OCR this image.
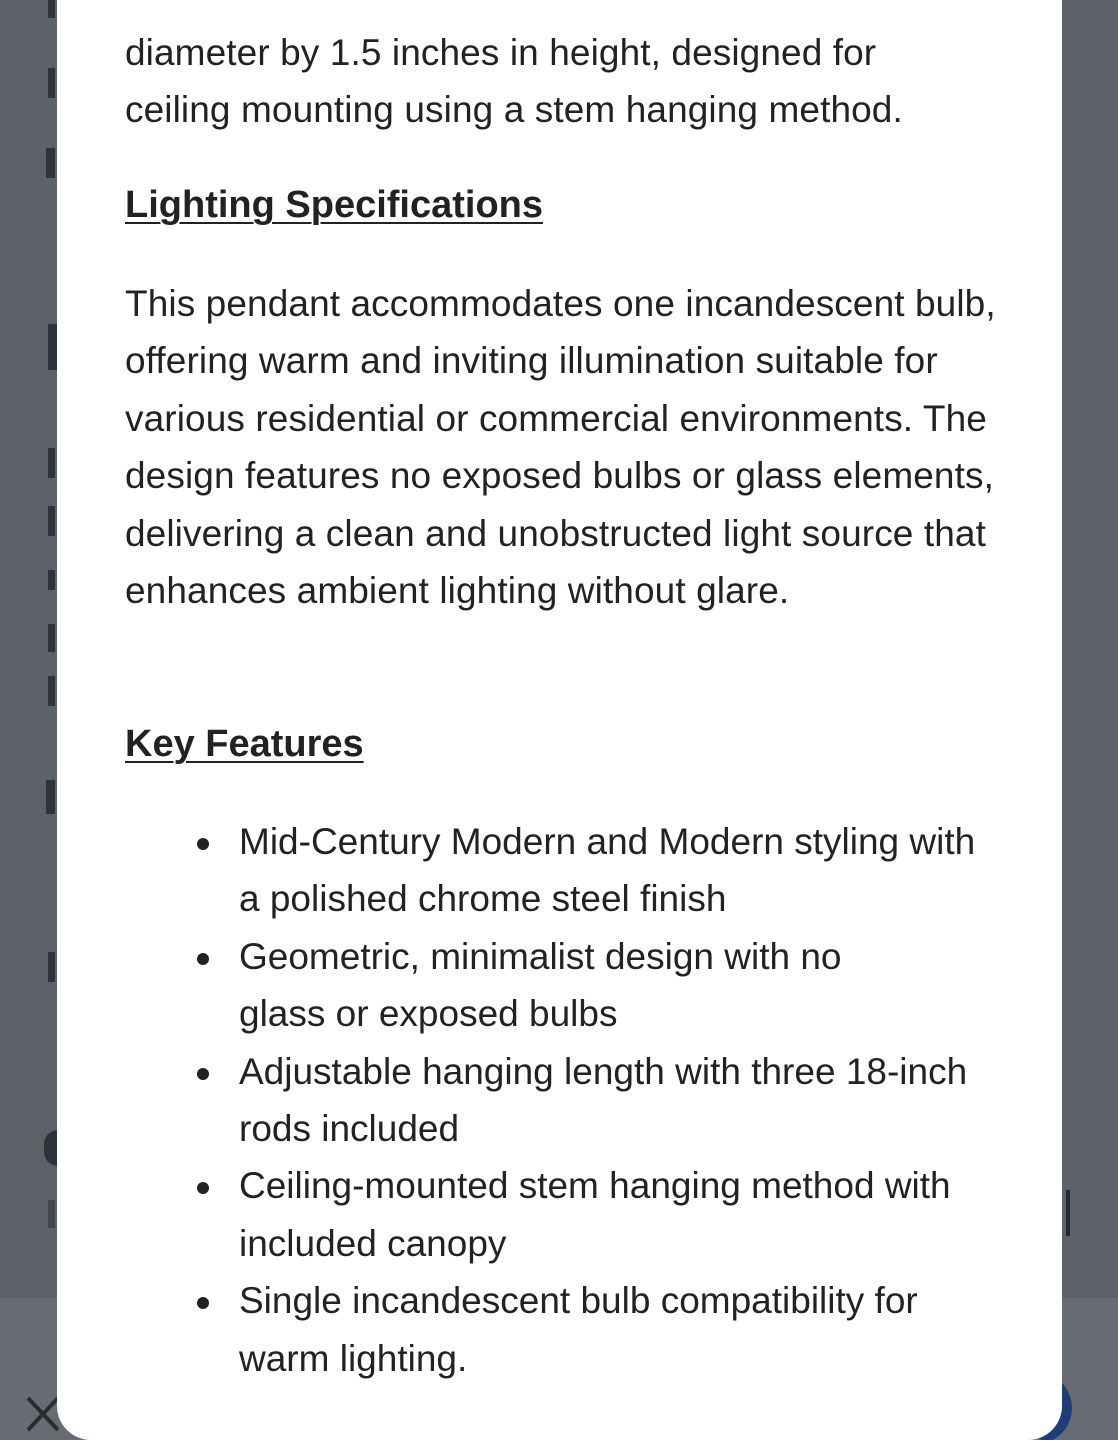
diameter by 1.5 inches in height, designed for ceiling mounting using a stem hanging method.

Lighting Specifications

This pendant accommodates one incandescent bulb, offering warm and inviting illumination suitable for various residential or commercial environments. The design features no exposed bulbs or glass elements, delivering a clean and unobstructed light source that enhances ambient lighting without glare.

Key Features
Mid-Century Modern and Modern styling with a polished chrome steel finish
Geometric, minimalist design with no glass or exposed bulbs
Adjustable hanging length with three 18-inch rods included
Ceiling-mounted stem hanging method with included canopy
Single incandescent bulb compatibility for warm lighting.
